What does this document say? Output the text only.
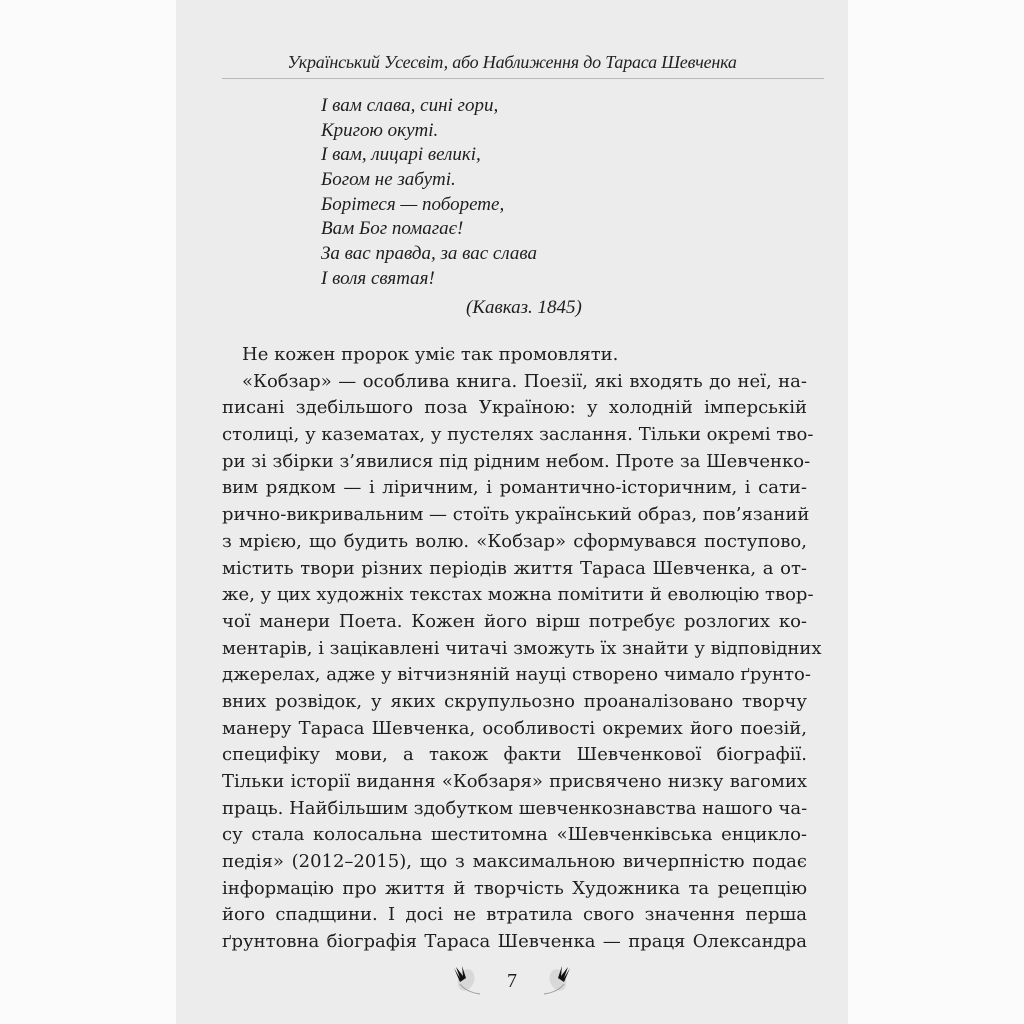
Український Усесвіт, або Наближення до Тараса Шевченка
І вам слава, сині гори,
Кригою окуті.
І вам, лицарі великі,
Богом не забуті.
Борітеся — поборете,
Вам Бог помагає!
За вас правда, за вас слава
І воля святая!
(Кавказ. 1845)
Не кожен пророк уміє так промовляти.
«Кобзар» — особлива книга. Поезії, які входять до неї, на-
писані здебільшого поза Україною: у холодній імперській
столиці, у казематах, у пустелях заслання. Тільки окремі тво-
ри зі збірки з’явилися під рідним небом. Проте за Шевченко-
вим рядком — і ліричним, і романтично-історичним, і сати-
рично-викривальним — стоїть український образ, пов’язаний
з мрією, що будить волю. «Кобзар» сформувався поступово,
містить твори різних періодів життя Тараса Шевченка, а от-
же, у цих художніх текстах можна помітити й еволюцію твор-
чої манери Поета. Кожен його вірш потребує розлогих ко-
ментарів, і зацікавлені читачі зможуть їх знайти у відповідних
джерелах, адже у вітчизняній науці створено чимало ґрунто-
вних розвідок, у яких скрупульозно проаналізовано творчу
манеру Тараса Шевченка, особливості окремих його поезій,
специфіку мови, а також факти Шевченкової біографії.
Тільки історії видання «Кобзаря» присвячено низку вагомих
праць. Найбільшим здобутком шевченкознавства нашого ча-
су стала колосальна шеститомна «Шевченківська енцикло-
педія» (2012–2015), що з максимальною вичерпністю подає
інформацію про життя й творчість Художника та рецепцію
його спадщини. І досі не втратила свого значення перша
ґрунтовна біографія Тараса Шевченка — праця Олександра
7
